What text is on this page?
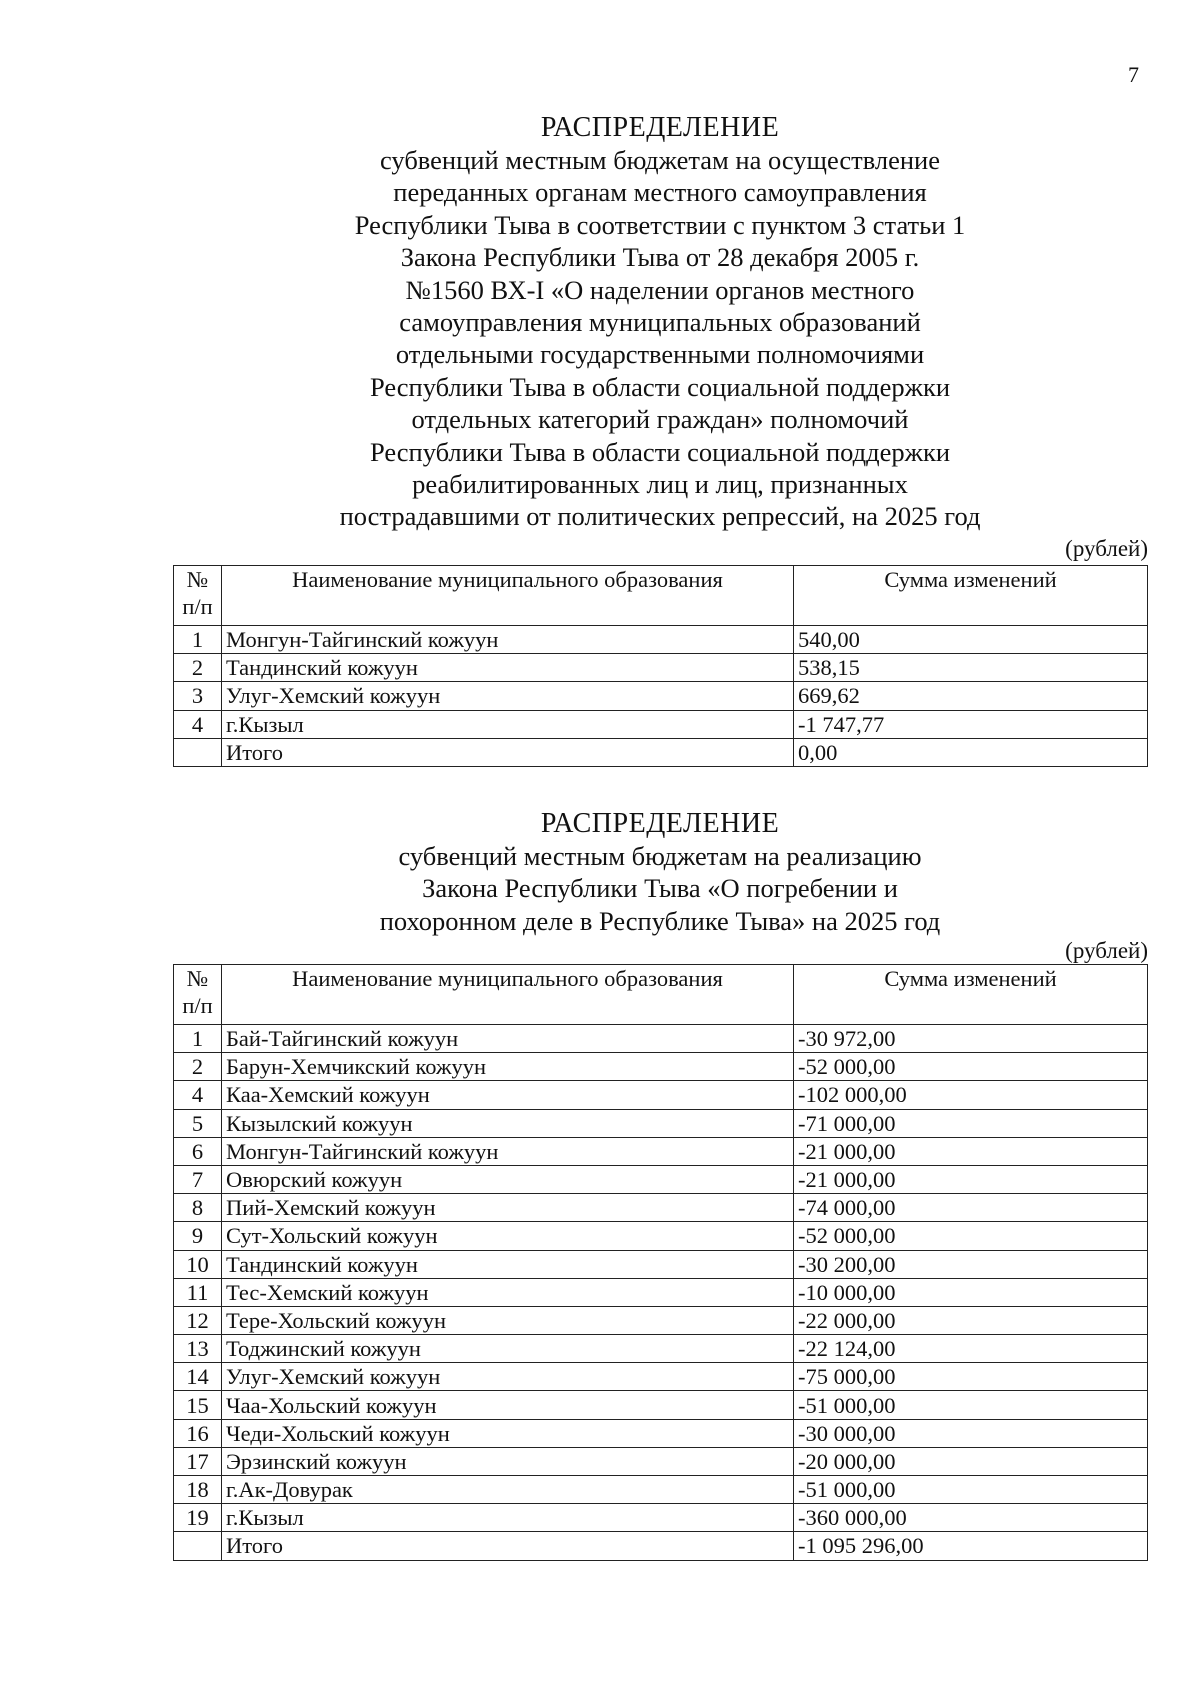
7
РАСПРЕДЕЛЕНИЕ
субвенций местным бюджетам на осуществление
переданных органам местного самоуправления
Республики Тыва в соответствии с пунктом 3 статьи 1
Закона Республики Тыва от 28 декабря 2005 г.
№1560 ВХ-I «О наделении органов местного
самоуправления муниципальных образований
отдельными государственными полномочиями
Республики Тыва в области социальной поддержки
отдельных категорий граждан» полномочий
Республики Тыва в области социальной поддержки
реабилитированных лиц и лиц, признанных
пострадавшими от политических репрессий, на 2025 год
(рублей)
№ п/п	Наименование муниципального образования	Сумма изменений
1	Монгун-Тайгинский кожуун	540,00
2	Тандинский кожуун	538,15
3	Улуг-Хемский кожуун	669,62
4	г.Кызыл	-1 747,77
	Итого	0,00
РАСПРЕДЕЛЕНИЕ
субвенций местным бюджетам на реализацию
Закона Республики Тыва «О погребении и
похоронном деле в Республике Тыва» на 2025 год
(рублей)
№ п/п	Наименование муниципального образования	Сумма изменений
1	Бай-Тайгинский кожуун	-30 972,00
2	Барун-Хемчикский кожуун	-52 000,00
4	Каа-Хемский кожуун	-102 000,00
5	Кызылский кожуун	-71 000,00
6	Монгун-Тайгинский кожуун	-21 000,00
7	Овюрский кожуун	-21 000,00
8	Пий-Хемский кожуун	-74 000,00
9	Сут-Хольский кожуун	-52 000,00
10	Тандинский кожуун	-30 200,00
11	Тес-Хемский кожуун	-10 000,00
12	Тере-Хольский кожуун	-22 000,00
13	Тоджинский кожуун	-22 124,00
14	Улуг-Хемский кожуун	-75 000,00
15	Чаа-Хольский кожуун	-51 000,00
16	Чеди-Хольский кожуун	-30 000,00
17	Эрзинский кожуун	-20 000,00
18	г.Ак-Довурак	-51 000,00
19	г.Кызыл	-360 000,00
	Итого	-1 095 296,00
